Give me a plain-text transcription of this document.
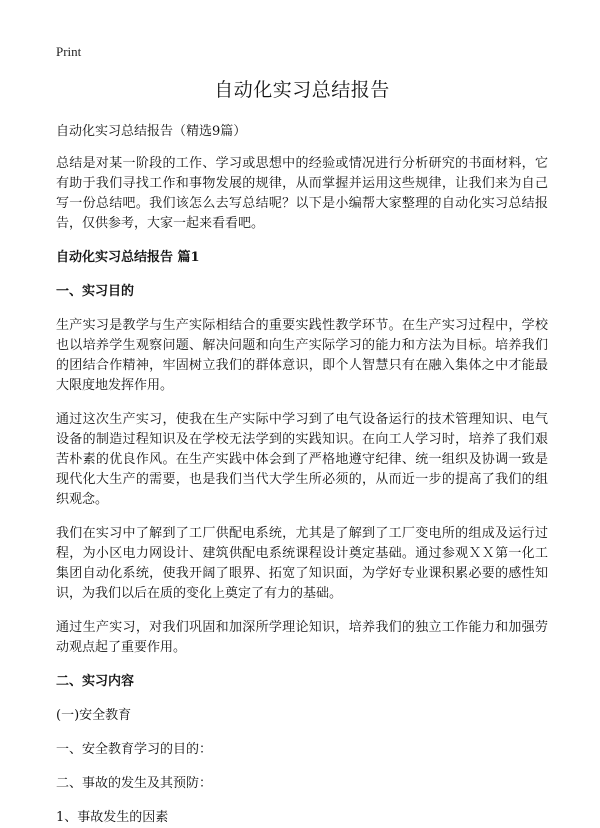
Print
自动化实习总结报告

自动化实习总结报告（精选9篇）

总结是对某一阶段的工作、学习或思想中的经验或情况进行分析研究的书面材料，它有助于我们寻找工作和事物发展的规律，从而掌握并运用这些规律，让我们来为自己写一份总结吧。我们该怎么去写总结呢？以下是小编帮大家整理的自动化实习总结报告，仅供参考，大家一起来看看吧。

自动化实习总结报告 篇1
一、实习目的

生产实习是教学与生产实际相结合的重要实践性教学环节。在生产实习过程中，学校也以培养学生观察问题、解决问题和向生产实际学习的能力和方法为目标。培养我们的团结合作精神，牢固树立我们的群体意识，即个人智慧只有在融入集体之中才能最大限度地发挥作用。

通过这次生产实习，使我在生产实际中学习到了电气设备运行的技术管理知识、电气设备的制造过程知识及在学校无法学到的实践知识。在向工人学习时，培养了我们艰苦朴素的优良作风。在生产实践中体会到了严格地遵守纪律、统一组织及协调一致是现代化大生产的需要，也是我们当代大学生所必须的，从而近一步的提高了我们的组织观念。

我们在实习中了解到了工厂供配电系统，尤其是了解到了工厂变电所的组成及运行过程，为小区电力网设计、建筑供配电系统课程设计奠定基础。通过参观ＸＸ第一化工集团自动化系统，使我开阔了眼界、拓宽了知识面，为学好专业课积累必要的感性知识，为我们以后在质的变化上奠定了有力的基础。

通过生产实习，对我们巩固和加深所学理论知识，培养我们的独立工作能力和加强劳动观点起了重要作用。

二、实习内容
(一)安全教育
一、安全教育学习的目的：
二、事故的发生及其预防：
1、事故发生的因素
